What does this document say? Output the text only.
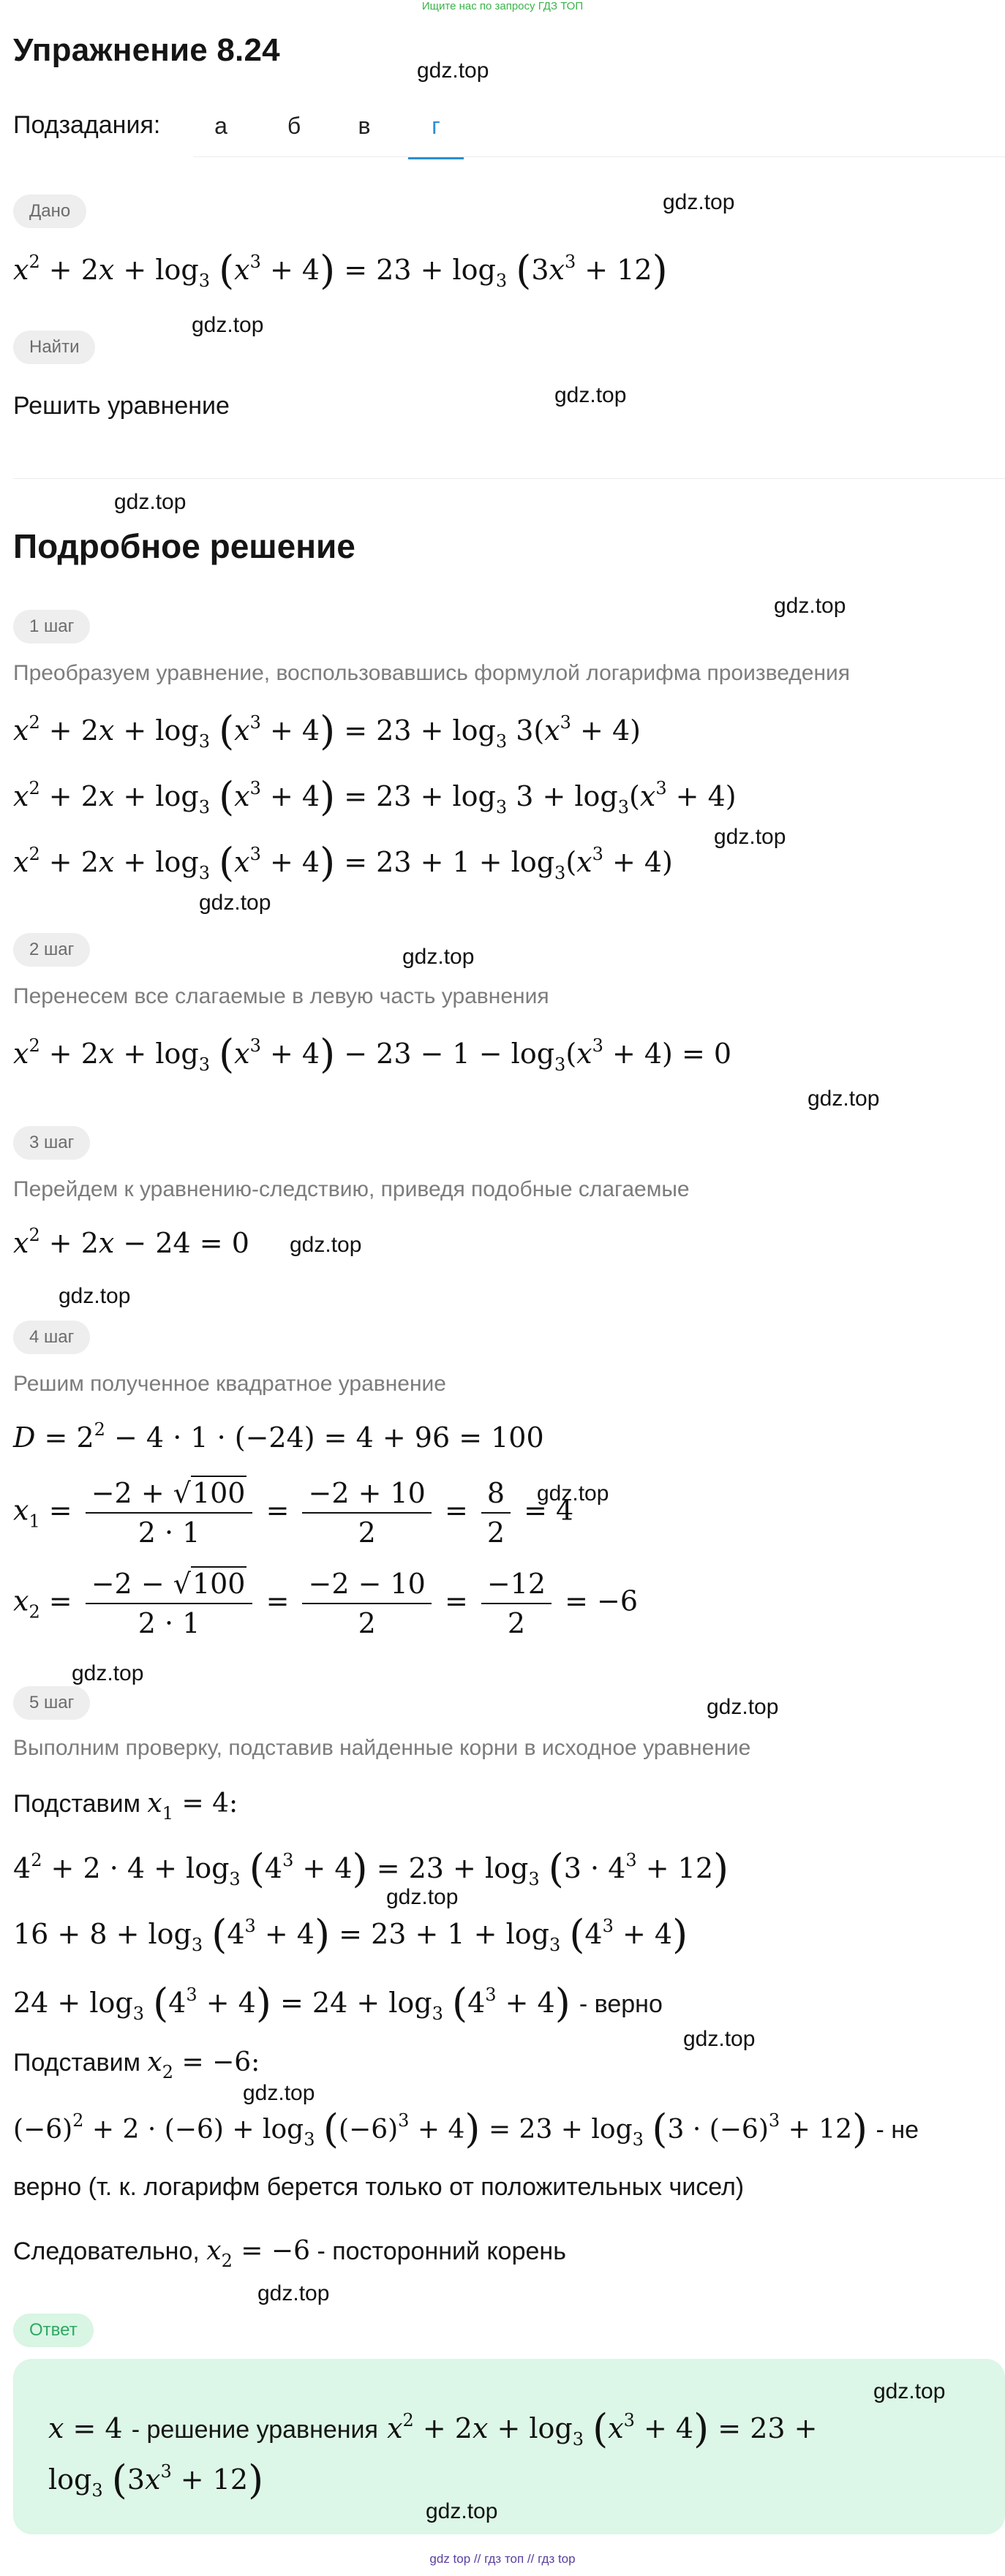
Ищите нас по запросу ГДЗ ТОП
Упражнение 8.24
Подзадания:	а	б	в	г
Дано
$x^2 + 2x + \log_3 (x^3 + 4) = 23 + \log_3 (3x^3 + 12)$
Найти
Решить уравнение
Подробное решение
1 шаг
Преобразуем уравнение, воспользовавшись формулой логарифма произведения
$x^2 + 2x + \log_3 (x^3 + 4) = 23 + \log_3 3(x^3 + 4)$
$x^2 + 2x + \log_3 (x^3 + 4) = 23 + \log_3 3 + \log_3(x^3 + 4)$
$x^2 + 2x + \log_3 (x^3 + 4) = 23 + 1 + \log_3(x^3 + 4)$
2 шаг
Перенесем все слагаемые в левую часть уравнения
$x^2 + 2x + \log_3 (x^3 + 4) - 23 - 1 - \log_3(x^3 + 4) = 0$
3 шаг
Перейдем к уравнению-следствию, приведя подобные слагаемые
$x^2 + 2x - 24 = 0$
4 шаг
Решим полученное квадратное уравнение
$D = 2^2 - 4 \cdot 1 \cdot (-24) = 4 + 96 = 100$
$x_1 = \frac{-2 + √100}{2 \cdot 1} = \frac{-2 + 10}{2} = \frac{8}{2} = 4$
$x_2 = \frac{-2 - √100}{2 \cdot 1} = \frac{-2 - 10}{2} = \frac{-12}{2} = -6$
5 шаг
Выполним проверку, подставив найденные корни в исходное уравнение
Подставим $x_1 = 4$:
$4^2 + 2 \cdot 4 + \log_3 (4^3 + 4) = 23 + \log_3 (3 \cdot 4^3 + 12)$
$16 + 8 + \log_3 (4^3 + 4) = 23 + 1 + \log_3 (4^3 + 4)$
$24 + \log_3 (4^3 + 4) = 24 + \log_3 (4^3 + 4)$ - верно
Подставим $x_2 = -6$:
$(-6)^2 + 2 \cdot (-6) + \log_3 ((-6)^3 + 4) = 23 + \log_3 (3 \cdot (-6)^3 + 12)$ - не
верно (т. к. логарифм берется только от положительных чисел)
Следовательно, $x_2 = -6$ - посторонний корень
Ответ
x = 4 - решение уравнения $x^2 + 2x + \log_3 (x^3 + 4) = 23$ +
$\log_3 (3x^3 + 12)$
gdz.top
gdz.top
gdz.top
gdz.top
gdz.top
gdz.top
gdz.top
gdz.top
gdz.top
gdz.top
gdz.top
gdz.top
gdz.top
gdz.top
gdz.top
gdz.top
gdz.top
gdz.top
gdz.top
gdz.top
gdz.top
gdz top // гдз топ // гдз top
